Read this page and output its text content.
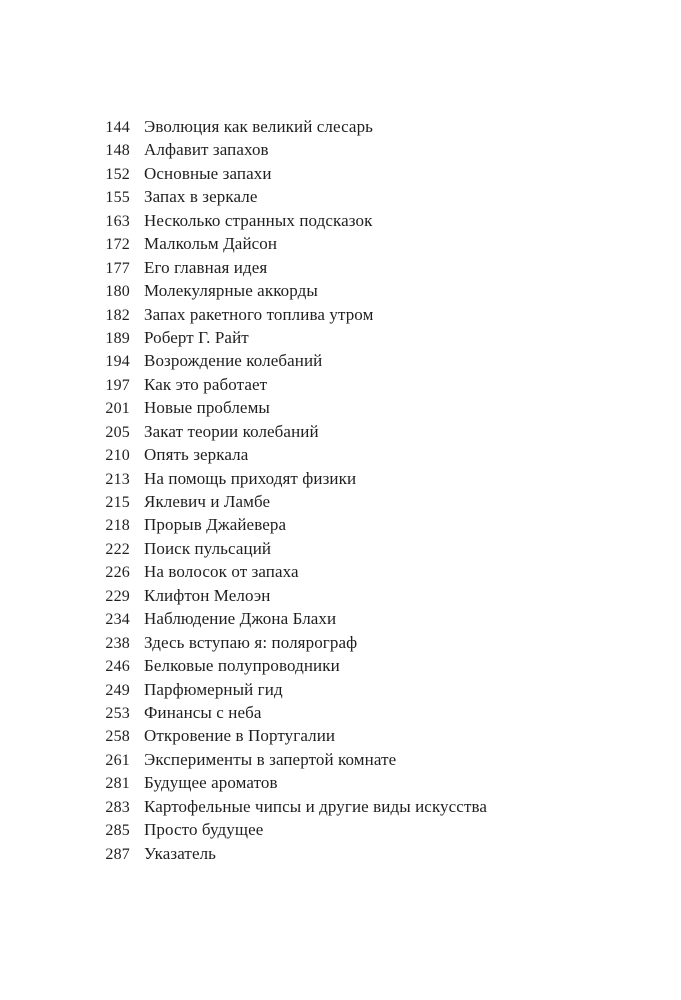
144 Эволюция как великий слесарь
148 Алфавит запахов
152 Основные запахи
155 Запах в зеркале
163 Несколько странных подсказок
172 Малкольм Дайсон
177 Его главная идея
180 Молекулярные аккорды
182 Запах ракетного топлива утром
189 Роберт Г. Райт
194 Возрождение колебаний
197 Как это работает
201 Новые проблемы
205 Закат теории колебаний
210 Опять зеркала
213 На помощь приходят физики
215 Яклевич и Ламбе
218 Прорыв Джайевера
222 Поиск пульсаций
226 На волосок от запаха
229 Клифтон Мелоэн
234 Наблюдение Джона Блахи
238 Здесь вступаю я: полярограф
246 Белковые полупроводники
249 Парфюмерный гид
253 Финансы с неба
258 Откровение в Португалии
261 Эксперименты в запертой комнате
281 Будущее ароматов
283 Картофельные чипсы и другие виды искусства
285 Просто будущее
287 Указатель
